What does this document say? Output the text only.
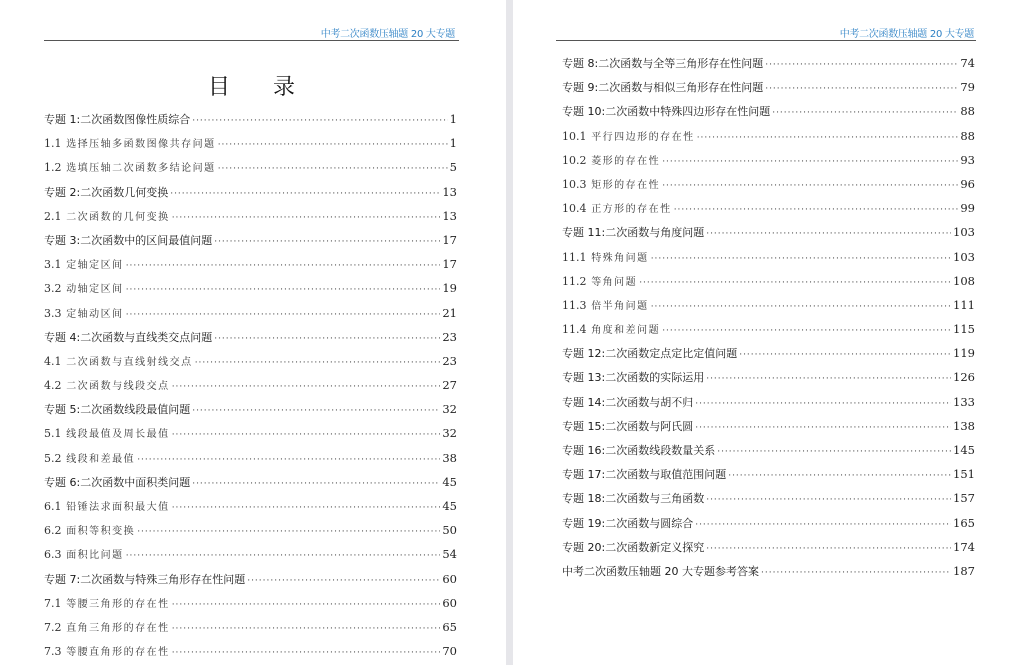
中考二次函数压轴题 20 大专题
目 录
专题 1:二次函数图像性质综合 ·····	1
1.1 选择压轴多函数图像共存问题 ·····	1
1.2 选填压轴二次函数多结论问题 ·····	5
专题 2:二次函数几何变换 ·····	13
2.1 二次函数的几何变换 ·····	13
专题 3:二次函数中的区间最值问题 ·····	17
3.1 定轴定区间 ·····	17
3.2 动轴定区间 ·····	19
3.3 定轴动区间 ·····	21
专题 4:二次函数与直线类交点问题 ·····	23
4.1 二次函数与直线射线交点 ·····	23
4.2 二次函数与线段交点 ·····	27
专题 5:二次函数线段最值问题 ·····	32
5.1 线段最值及周长最值 ·····	32
5.2 线段和差最值 ·····	38
专题 6:二次函数中面积类问题 ·····	45
6.1 铅锤法求面积最大值 ·····	45
6.2 面积等积变换 ·····	50
6.3 面积比问题 ·····	54
专题 7:二次函数与特殊三角形存在性问题 ·····	60
7.1 等腰三角形的存在性 ·····	60
7.2 直角三角形的存在性 ·····	65
7.3 等腰直角形的存在性 ·····	70
中考二次函数压轴题 20 大专题
专题 8:二次函数与全等三角形存在性问题 ·····	74
专题 9:二次函数与相似三角形存在性问题 ·····	79
专题 10:二次函数中特殊四边形存在性问题 ·····	88
10.1 平行四边形的存在性 ·····	88
10.2 菱形的存在性 ·····	93
10.3 矩形的存在性 ·····	96
10.4 正方形的存在性 ·····	99
专题 11:二次函数与角度问题 ·····	103
11.1 特殊角问题 ·····	103
11.2 等角问题 ·····	108
11.3 倍半角问题 ·····	111
11.4 角度和差问题 ·····	115
专题 12:二次函数定点定比定值问题 ·····	119
专题 13:二次函数的实际运用 ·····	126
专题 14:二次函数与胡不归 ·····	133
专题 15:二次函数与阿氏圆 ·····	138
专题 16:二次函数线段数量关系 ·····	145
专题 17:二次函数与取值范围问题 ·····	151
专题 18:二次函数与三角函数 ·····	157
专题 19:二次函数与圆综合 ·····	165
专题 20:二次函数新定义探究 ·····	174
中考二次函数压轴题 20 大专题参考答案 ·····	187
